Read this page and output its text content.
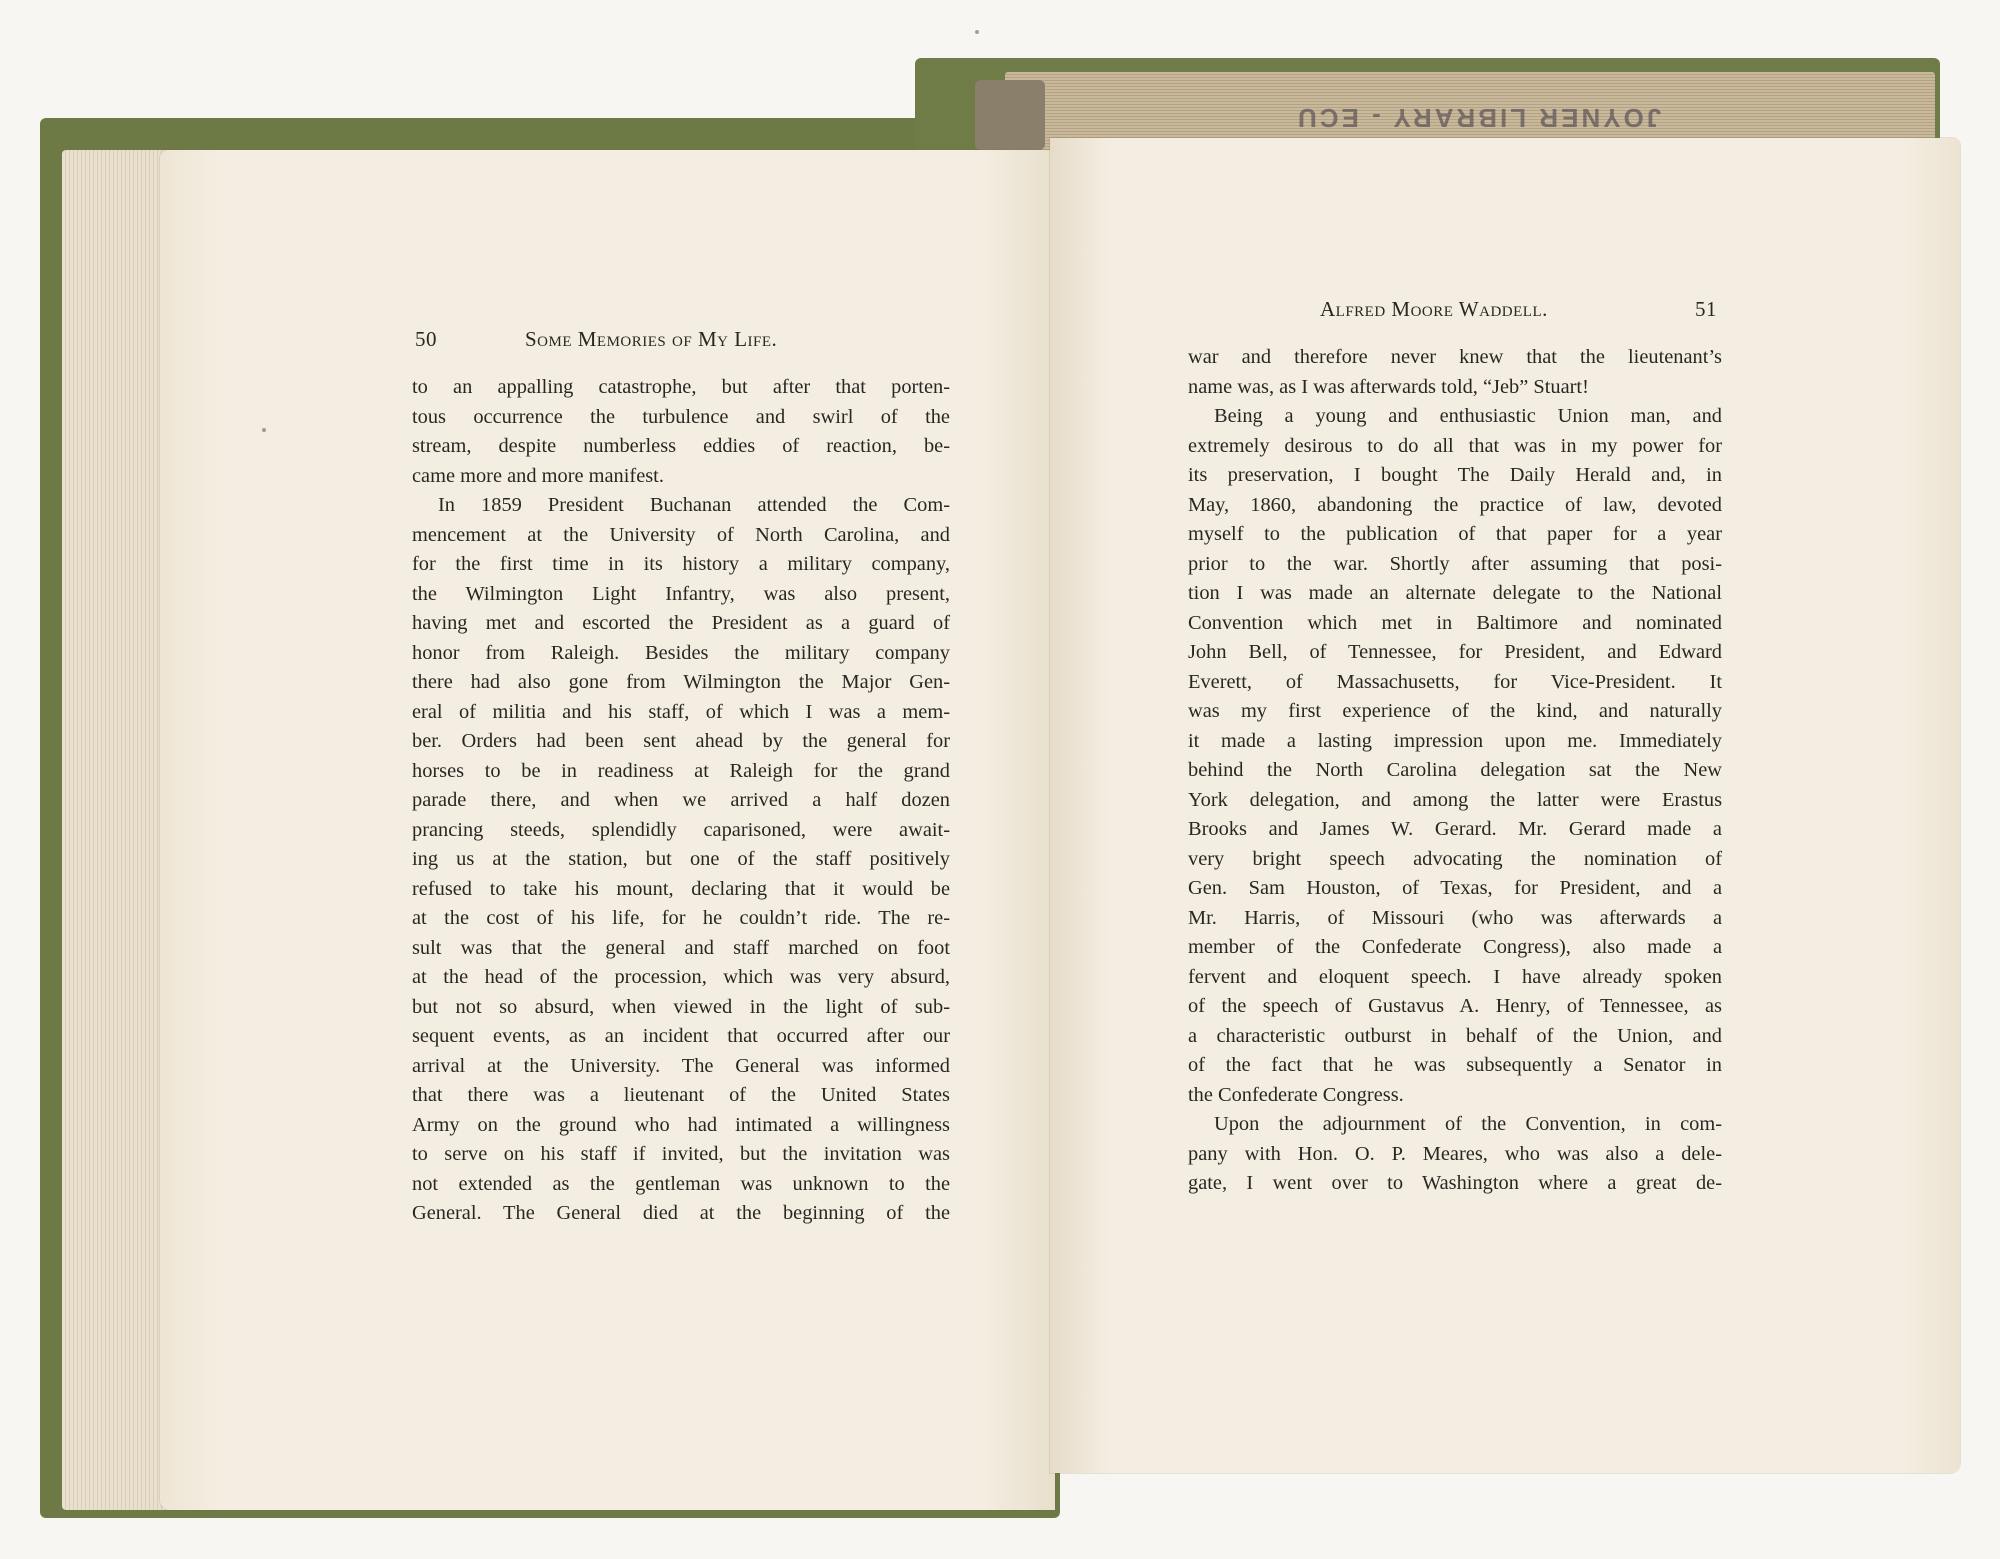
JOYNER LIBRARY - ECU
50	Some Memories of My Life.
Alfred Moore Waddell.	51
to an appalling catastrophe, but after that porten-
tous occurrence the turbulence and swirl of the
stream, despite numberless eddies of reaction, be-
came more and more manifest.
In 1859 President Buchanan attended the Com-
mencement at the University of North Carolina, and
for the first time in its history a military company,
the Wilmington Light Infantry, was also present,
having met and escorted the President as a guard of
honor from Raleigh. Besides the military company
there had also gone from Wilmington the Major Gen-
eral of militia and his staff, of which I was a mem-
ber. Orders had been sent ahead by the general for
horses to be in readiness at Raleigh for the grand
parade there, and when we arrived a half dozen
prancing steeds, splendidly caparisoned, were await-
ing us at the station, but one of the staff positively
refused to take his mount, declaring that it would be
at the cost of his life, for he couldn’t ride. The re-
sult was that the general and staff marched on foot
at the head of the procession, which was very absurd,
but not so absurd, when viewed in the light of sub-
sequent events, as an incident that occurred after our
arrival at the University. The General was informed
that there was a lieutenant of the United States
Army on the ground who had intimated a willingness
to serve on his staff if invited, but the invitation was
not extended as the gentleman was unknown to the
General. The General died at the beginning of the
war and therefore never knew that the lieutenant’s
name was, as I was afterwards told, “Jeb” Stuart!
Being a young and enthusiastic Union man, and
extremely desirous to do all that was in my power for
its preservation, I bought The Daily Herald and, in
May, 1860, abandoning the practice of law, devoted
myself to the publication of that paper for a year
prior to the war. Shortly after assuming that posi-
tion I was made an alternate delegate to the National
Convention which met in Baltimore and nominated
John Bell, of Tennessee, for President, and Edward
Everett, of Massachusetts, for Vice-President. It
was my first experience of the kind, and naturally
it made a lasting impression upon me. Immediately
behind the North Carolina delegation sat the New
York delegation, and among the latter were Erastus
Brooks and James W. Gerard. Mr. Gerard made a
very bright speech advocating the nomination of
Gen. Sam Houston, of Texas, for President, and a
Mr. Harris, of Missouri (who was afterwards a
member of the Confederate Congress), also made a
fervent and eloquent speech. I have already spoken
of the speech of Gustavus A. Henry, of Tennessee, as
a characteristic outburst in behalf of the Union, and
of the fact that he was subsequently a Senator in
the Confederate Congress.
Upon the adjournment of the Convention, in com-
pany with Hon. O. P. Meares, who was also a dele-
gate, I went over to Washington where a great de-
